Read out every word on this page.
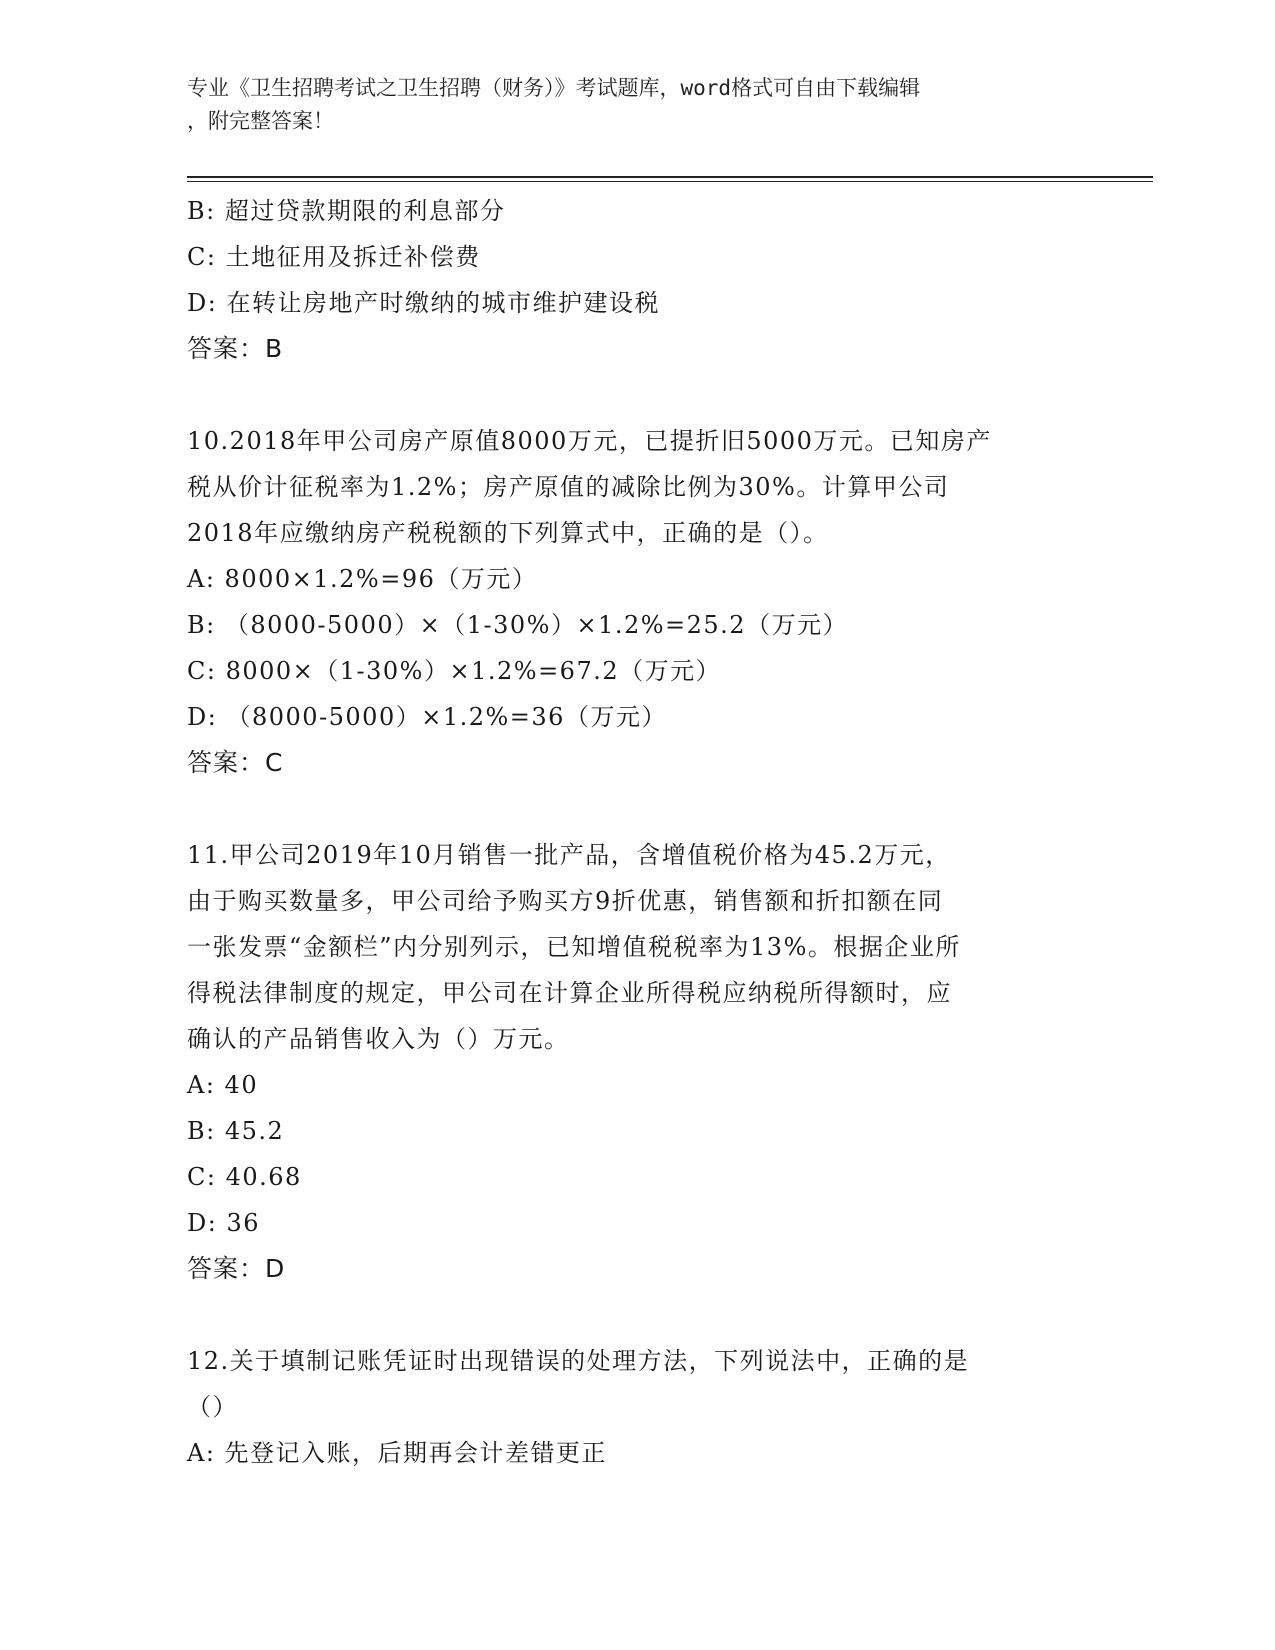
专业《卫生招聘考试之卫生招聘（财务）》考试题库，word格式可自由下载编辑
，附完整答案！
B: 超过贷款期限的利息部分
C: 土地征用及拆迁补偿费
D: 在转让房地产时缴纳的城市维护建设税
答案：B
10.2018年甲公司房产原值8000万元，已提折旧5000万元。已知房产
税从价计征税率为1.2%；房产原值的减除比例为30%。计算甲公司
2018年应缴纳房产税税额的下列算式中，正确的是（）。
A: 8000×1.2%=96（万元）
B: （8000-5000）×（1-30%）×1.2%=25.2（万元）
C: 8000×（1-30%）×1.2%=67.2（万元）
D: （8000-5000）×1.2%=36（万元）
答案：C
11.甲公司2019年10月销售一批产品，含增值税价格为45.2万元，
由于购买数量多，甲公司给予购买方9折优惠，销售额和折扣额在同
一张发票“金额栏”内分别列示，已知增值税税率为13%。根据企业所
得税法律制度的规定，甲公司在计算企业所得税应纳税所得额时，应
确认的产品销售收入为（）万元。
A: 40
B: 45.2
C: 40.68
D: 36
答案：D
12.关于填制记账凭证时出现错误的处理方法，下列说法中，正确的是
（）
A: 先登记入账，后期再会计差错更正
